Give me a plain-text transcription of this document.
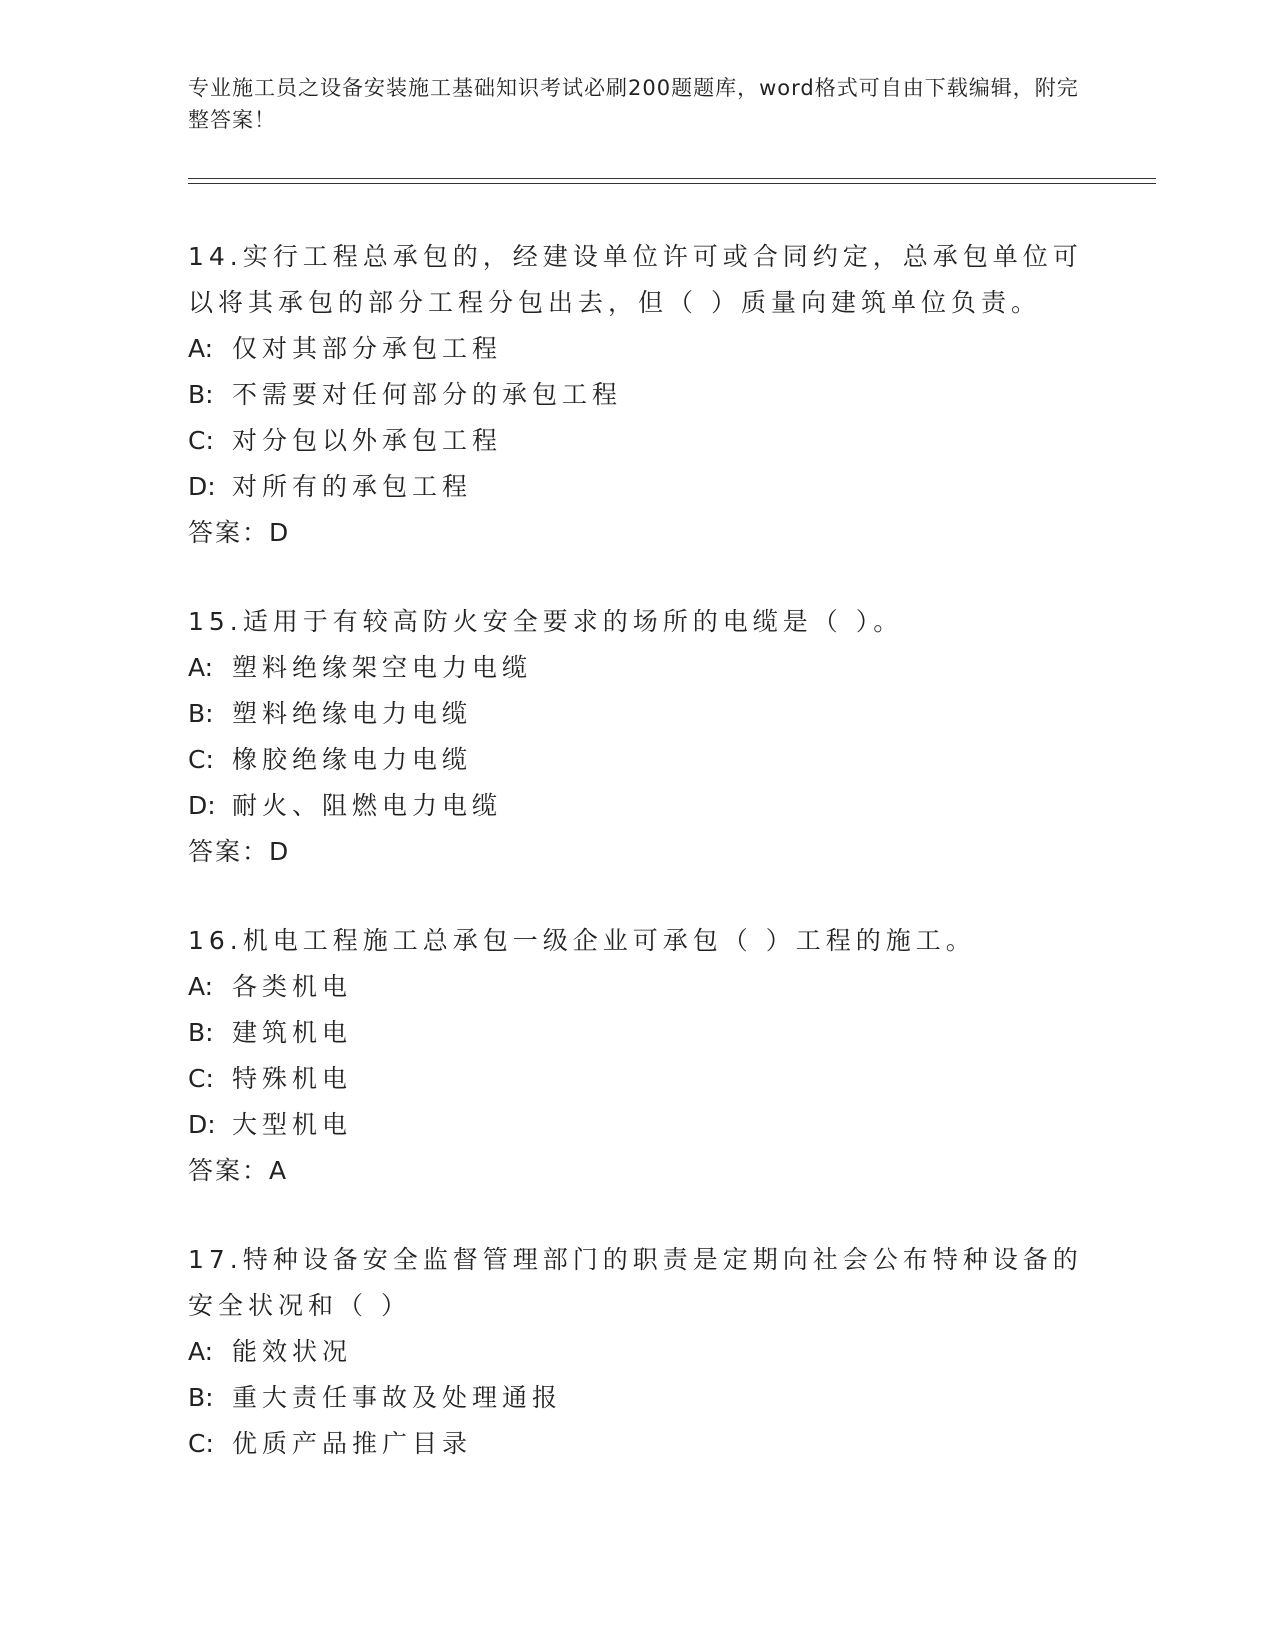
专业施工员之设备安装施工基础知识考试必刷200题题库，word格式可自由下载编辑，附完整答案！
14.实行工程总承包的，经建设单位许可或合同约定，总承包单位可以将其承包的部分工程分包出去，但（ ）质量向建筑单位负责。
A: 仅对其部分承包工程
B: 不需要对任何部分的承包工程
C: 对分包以外承包工程
D: 对所有的承包工程
答案：D
15.适用于有较高防火安全要求的场所的电缆是（ ）。
A: 塑料绝缘架空电力电缆
B: 塑料绝缘电力电缆
C: 橡胶绝缘电力电缆
D: 耐火、阻燃电力电缆
答案：D
16.机电工程施工总承包一级企业可承包（ ）工程的施工。
A: 各类机电
B: 建筑机电
C: 特殊机电
D: 大型机电
答案：A
17.特种设备安全监督管理部门的职责是定期向社会公布特种设备的安全状况和（ ）
A: 能效状况
B: 重大责任事故及处理通报
C: 优质产品推广目录
